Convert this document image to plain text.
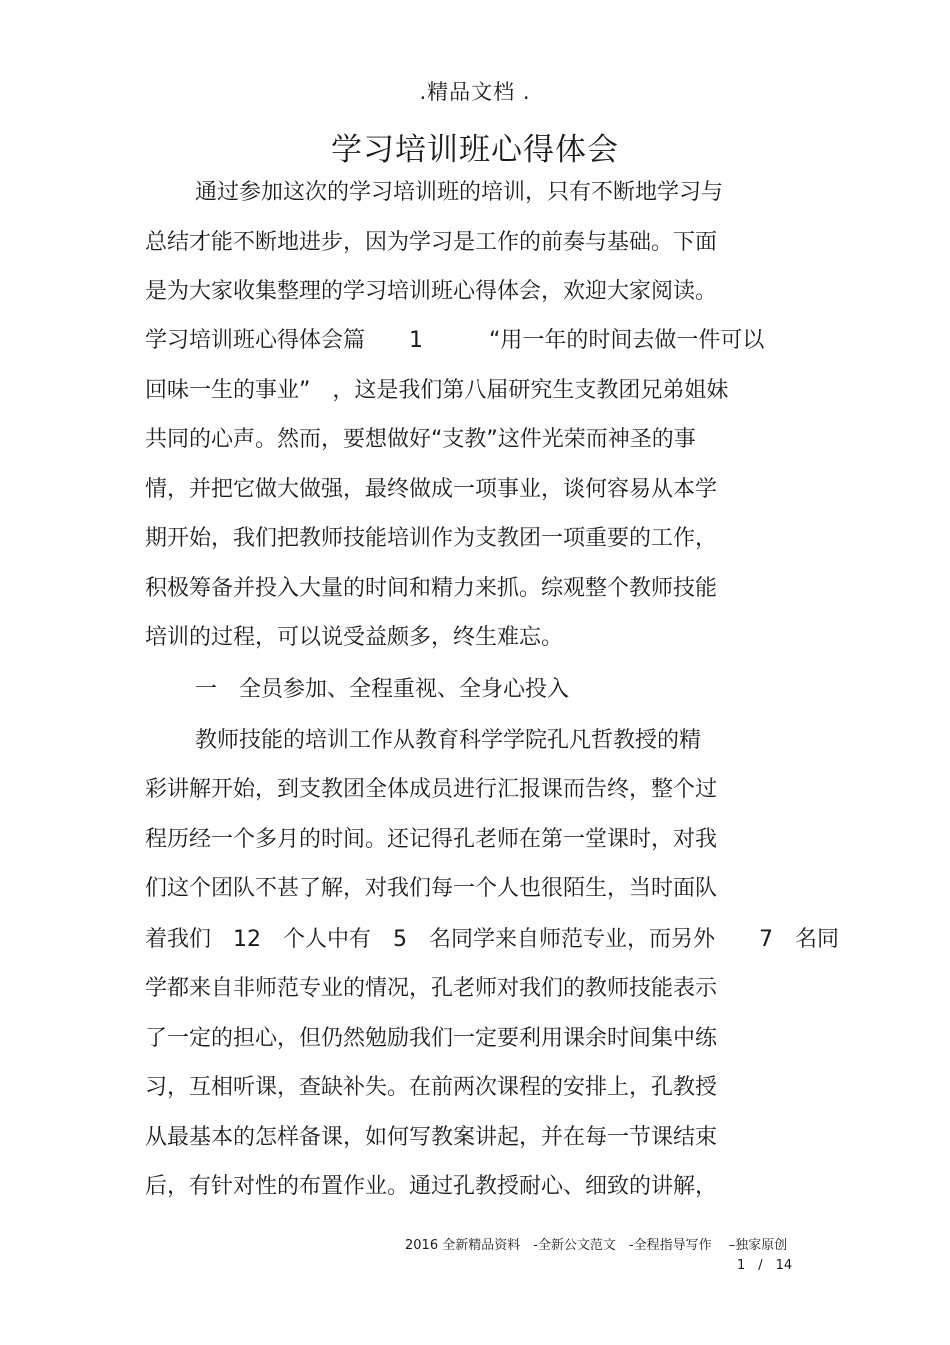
.精品文档 .
学习培训班心得体会
通过参加这次的学习培训班的培训，只有不断地学习与
总结才能不断地进步，因为学习是工作的前奏与基础。下面
是为大家收集整理的学习培训班心得体会，欢迎大家阅读。
学习培训班心得体会篇　　1　　　“用一年的时间去做一件可以
回味一生的事业”　，这是我们第八届研究生支教团兄弟姐妹
共同的心声。然而，要想做好“支教”这件光荣而神圣的事
情，并把它做大做强，最终做成一项事业，谈何容易从本学
期开始，我们把教师技能培训作为支教团一项重要的工作，
积极筹备并投入大量的时间和精力来抓。综观整个教师技能
培训的过程，可以说受益颇多，终生难忘。
一　全员参加、全程重视、全身心投入
教师技能的培训工作从教育科学学院孔凡哲教授的精
彩讲解开始，到支教团全体成员进行汇报课而告终，整个过
程历经一个多月的时间。还记得孔老师在第一堂课时，对我
们这个团队不甚了解，对我们每一个人也很陌生，当时面队
着我们　12　个人中有　5　名同学来自师范专业，而另外　　7　名同
学都来自非师范专业的情况，孔老师对我们的教师技能表示
了一定的担心，但仍然勉励我们一定要利用课余时间集中练
习，互相听课，查缺补失。在前两次课程的安排上，孔教授
从最基本的怎样备课，如何写教案讲起，并在每一节课结束
后，有针对性的布置作业。通过孔教授耐心、细致的讲解，
2016 全新精品资料　-全新公文范文　-全程指导写作　 –独家原创
1　/　14
